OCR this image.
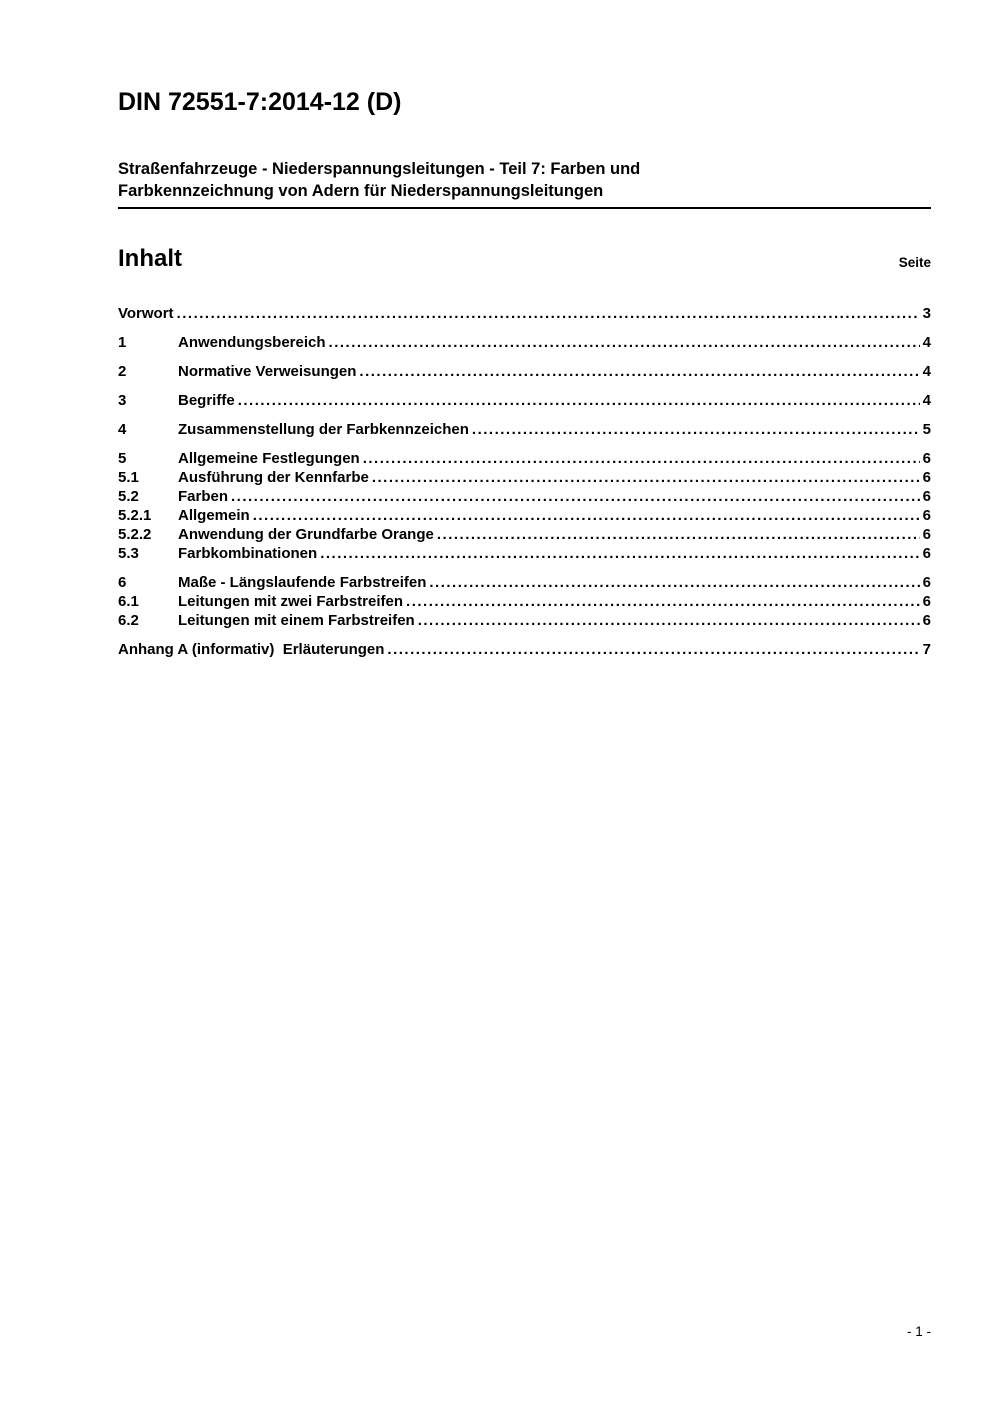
DIN 72551-7:2014-12 (D)
Straßenfahrzeuge - Niederspannungsleitungen - Teil 7: Farben und
Farbkennzeichnung von Adern für Niederspannungsleitungen
Inhalt	Seite
Vorwort .....	3
1	Anwendungsbereich .....	4
2	Normative Verweisungen .....	4
3	Begriffe .....	4
4	Zusammenstellung der Farbkennzeichen .....	5
5	Allgemeine Festlegungen .....	6
5.1	Ausführung der Kennfarbe .....	6
5.2	Farben .....	6
5.2.1	Allgemein .....	6
5.2.2	Anwendung der Grundfarbe Orange .....	6
5.3	Farbkombinationen .....	6
6	Maße - Längslaufende Farbstreifen .....	6
6.1	Leitungen mit zwei Farbstreifen .....	6
6.2	Leitungen mit einem Farbstreifen .....	6
Anhang A (informativ)  Erläuterungen .....	7
- 1 -
